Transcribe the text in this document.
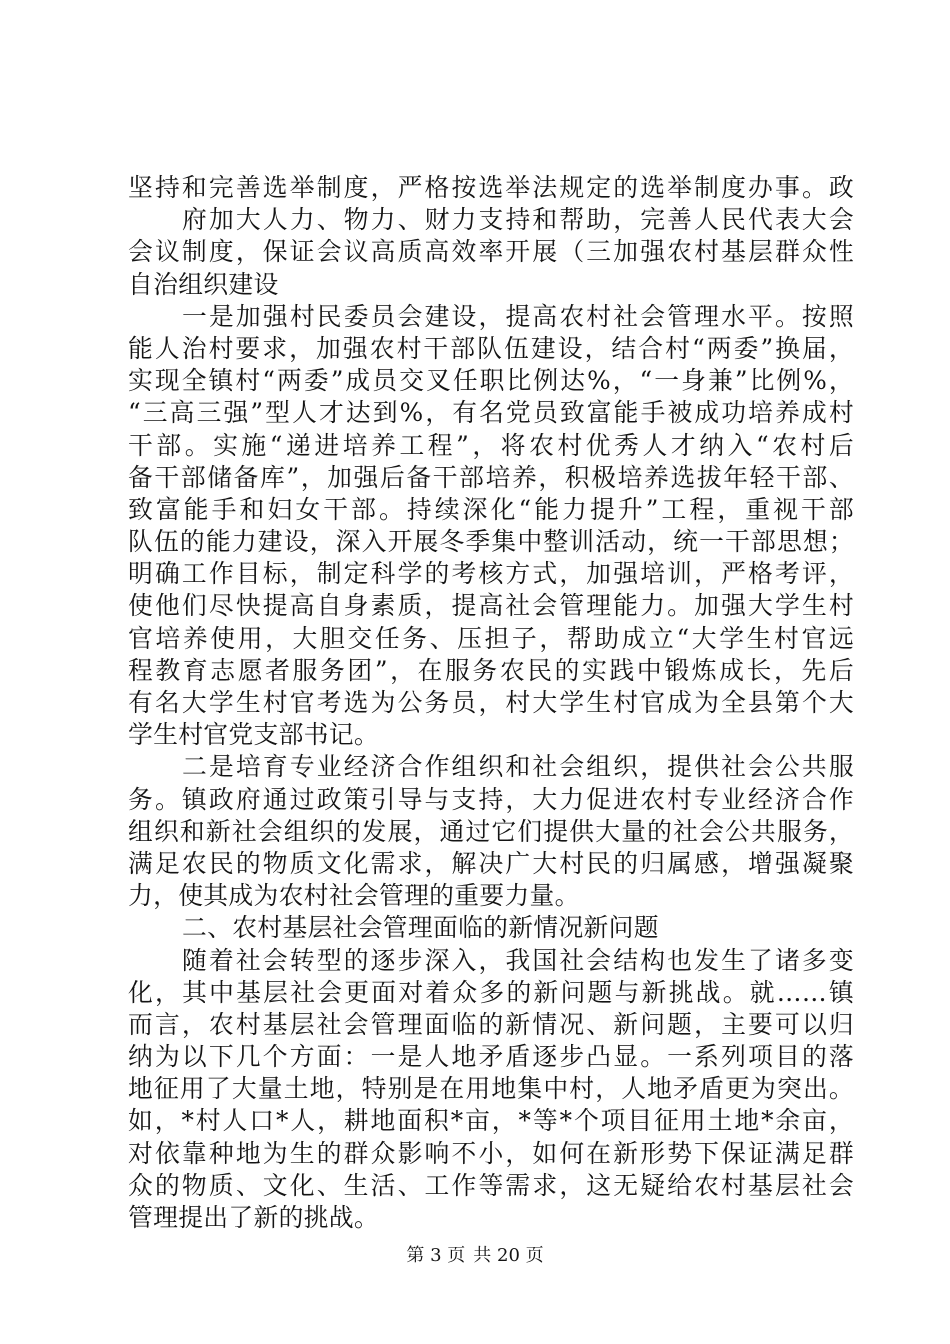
坚持和完善选举制度，严格按选举法规定的选举制度办事。政
府加大人力、物力、财力支持和帮助，完善人民代表大会
会议制度，保证会议高质高效率开展（三加强农村基层群众性
自治组织建设
一是加强村民委员会建设，提高农村社会管理水平。按照
能人治村要求，加强农村干部队伍建设，结合村“两委”换届，
实现全镇村“两委”成员交叉任职比例达%，“一身兼”比例%，
“三高三强”型人才达到%，有名党员致富能手被成功培养成村
干部。实施“递进培养工程”，将农村优秀人才纳入“农村后
备干部储备库”，加强后备干部培养，积极培养选拔年轻干部、
致富能手和妇女干部。持续深化“能力提升”工程，重视干部
队伍的能力建设，深入开展冬季集中整训活动，统一干部思想；
明确工作目标，制定科学的考核方式，加强培训，严格考评，
使他们尽快提高自身素质，提高社会管理能力。加强大学生村
官培养使用，大胆交任务、压担子，帮助成立“大学生村官远
程教育志愿者服务团”，在服务农民的实践中锻炼成长，先后
有名大学生村官考选为公务员，村大学生村官成为全县第个大
学生村官党支部书记。
二是培育专业经济合作组织和社会组织，提供社会公共服
务。镇政府通过政策引导与支持，大力促进农村专业经济合作
组织和新社会组织的发展，通过它们提供大量的社会公共服务，
满足农民的物质文化需求，解决广大村民的归属感，增强凝聚
力，使其成为农村社会管理的重要力量。
二、农村基层社会管理面临的新情况新问题
随着社会转型的逐步深入，我国社会结构也发生了诸多变
化，其中基层社会更面对着众多的新问题与新挑战。就……镇
而言，农村基层社会管理面临的新情况、新问题，主要可以归
纳为以下几个方面：一是人地矛盾逐步凸显。一系列项目的落
地征用了大量土地，特别是在用地集中村，人地矛盾更为突出。
如，*村人口*人，耕地面积*亩，*等*个项目征用土地*余亩，
对依靠种地为生的群众影响不小，如何在新形势下保证满足群
众的物质、文化、生活、工作等需求，这无疑给农村基层社会
管理提出了新的挑战。
第 3 页 共 20 页
